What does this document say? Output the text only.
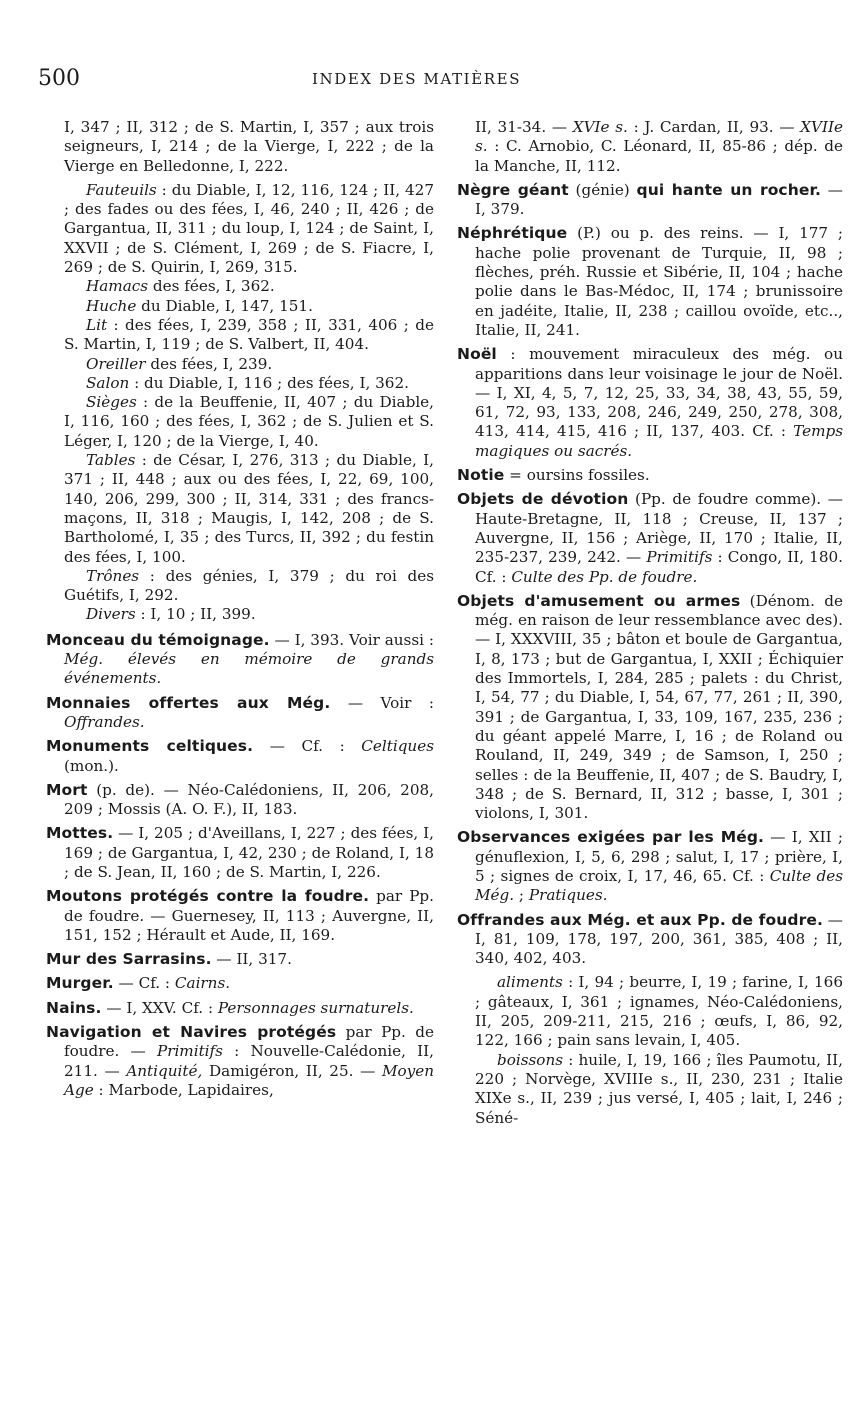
500	INDEX DES MATIÈRES
I, 347 ; II, 312 ; de S. Martin, I, 357 ; aux trois seigneurs, I, 214 ; de la Vierge, I, 222 ; de la Vierge en Belledonne, I, 222.
Fauteuils : du Diable, I, 12, 116, 124 ; II, 427 ; des fades ou des fées, I, 46, 240 ; II, 426 ; de Gargantua, II, 311 ; du loup, I, 124 ; de Saint, I, XXVII ; de S. Clément, I, 269 ; de S. Fiacre, I, 269 ; de S. Quirin, I, 269, 315.
Hamacs des fées, I, 362.
Huche du Diable, I, 147, 151.
Lit : des fées, I, 239, 358 ; II, 331, 406 ; de S. Martin, I, 119 ; de S. Valbert, II, 404.
Oreiller des fées, I, 239.
Salon : du Diable, I, 116 ; des fées, I, 362.
Sièges : de la Beuffenie, II, 407 ; du Diable, I, 116, 160 ; des fées, I, 362 ; de S. Julien et S. Léger, I, 120 ; de la Vierge, I, 40.
Tables : de César, I, 276, 313 ; du Diable, I, 371 ; II, 448 ; aux ou des fées, I, 22, 69, 100, 140, 206, 299, 300 ; II, 314, 331 ; des francs-maçons, II, 318 ; Maugis, I, 142, 208 ; de S. Bartholomé, I, 35 ; des Turcs, II, 392 ; du festin des fées, I, 100.
Trônes : des génies, I, 379 ; du roi des Guétifs, I, 292.
Divers : I, 10 ; II, 399.
Monceau du témoignage. — I, 393. Voir aussi : Még. élevés en mémoire de grands événements.
Monnaies offertes aux Még. — Voir : Offrandes.
Monuments celtiques. — Cf. : Celtiques (mon.).
Mort (p. de). — Néo-Calédoniens, II, 206, 208, 209 ; Mossis (A. O. F.), II, 183.
Mottes. — I, 205 ; d'Aveillans, I, 227 ; des fées, I, 169 ; de Gargantua, I, 42, 230 ; de Roland, I, 18 ; de S. Jean, II, 160 ; de S. Martin, I, 226.
Moutons protégés contre la foudre. par Pp. de foudre. — Guernesey, II, 113 ; Auvergne, II, 151, 152 ; Hérault et Aude, II, 169.
Mur des Sarrasins. — II, 317.
Murger. — Cf. : Cairns.
Nains. — I, XXV. Cf. : Personnages surnaturels.
Navigation et Navires protégés par Pp. de foudre. — Primitifs : Nouvelle-Calédonie, II, 211. — Antiquité, Damigéron, II, 25. — Moyen Age : Marbode, Lapidaires,
II, 31-34. — XVIe s. : J. Cardan, II, 93. — XVIIe s. : C. Arnobio, C. Léonard, II, 85-86 ; dép. de la Manche, II, 112.
Nègre géant (génie) qui hante un rocher. — I, 379.
Néphrétique (P.) ou p. des reins. — I, 177 ; hache polie provenant de Turquie, II, 98 ; flèches, préh. Russie et Sibérie, II, 104 ; hache polie dans le Bas-Médoc, II, 174 ; brunissoire en jadéite, Italie, II, 238 ; caillou ovoïde, etc.., Italie, II, 241.
Noël : mouvement miraculeux des még. ou apparitions dans leur voisinage le jour de Noël. — I, XI, 4, 5, 7, 12, 25, 33, 34, 38, 43, 55, 59, 61, 72, 93, 133, 208, 246, 249, 250, 278, 308, 413, 414, 415, 416 ; II, 137, 403. Cf. : Temps magiques ou sacrés.
Notie = oursins fossiles.
Objets de dévotion (Pp. de foudre comme). — Haute-Bretagne, II, 118 ; Creuse, II, 137 ; Auvergne, II, 156 ; Ariège, II, 170 ; Italie, II, 235-237, 239, 242. — Primitifs : Congo, II, 180. Cf. : Culte des Pp. de foudre.
Objets d'amusement ou armes (Dénom. de még. en raison de leur ressemblance avec des). — I, XXXVIII, 35 ; bâton et boule de Gargantua, I, 8, 173 ; but de Gargantua, I, XXII ; Échiquier des Immortels, I, 284, 285 ; palets : du Christ, I, 54, 77 ; du Diable, I, 54, 67, 77, 261 ; II, 390, 391 ; de Gargantua, I, 33, 109, 167, 235, 236 ; du géant appelé Marre, I, 16 ; de Roland ou Rouland, II, 249, 349 ; de Samson, I, 250 ; selles : de la Beuffenie, II, 407 ; de S. Baudry, I, 348 ; de S. Bernard, II, 312 ; basse, I, 301 ; violons, I, 301.
Observances exigées par les Még. — I, XII ; génuflexion, I, 5, 6, 298 ; salut, I, 17 ; prière, I, 5 ; signes de croix, I, 17, 46, 65. Cf. : Culte des Még. ; Pratiques.
Offrandes aux Még. et aux Pp. de foudre. — I, 81, 109, 178, 197, 200, 361, 385, 408 ; II, 340, 402, 403.
aliments : I, 94 ; beurre, I, 19 ; farine, I, 166 ; gâteaux, I, 361 ; ignames, Néo-Calédoniens, II, 205, 209-211, 215, 216 ; œufs, I, 86, 92, 122, 166 ; pain sans levain, I, 405.
boissons : huile, I, 19, 166 ; îles Paumotu, II, 220 ; Norvège, XVIIIe s., II, 230, 231 ; Italie XIXe s., II, 239 ; jus versé, I, 405 ; lait, I, 246 ; Séné-
